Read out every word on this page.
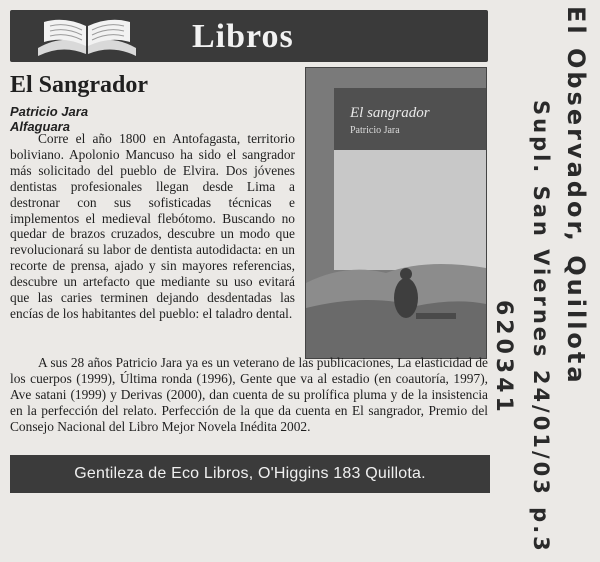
Libros
El Sangrador
Patricio Jara
Alfaguara
Corre el año 1800 en Antofagasta, territorio boliviano. Apolonio Mancuso ha sido el sangrador más solicitado del pueblo de Elvira. Dos jóvenes dentistas profesionales llegan desde Lima a destronar con sus sofisticadas técnicas e implementos el medieval flebótomo. Buscando no quedar de brazos cruzados, descubre un modo que revolucionará su labor de dentista autodidacta: en un recorte de prensa, ajado y sin mayores referencias, descubre un artefacto que mediante su uso evitará que las caries terminen dejando desdentadas las encías de los habitantes del pueblo: el taladro dental.
El sangrador
Patricio Jara
A sus 28 años Patricio Jara ya es un veterano de las publicaciones, La elasticidad de los cuerpos (1999), Última ronda (1996), Gente que va al estadio (en coautoría, 1997), Ave satani (1999) y Derivas (2000), dan cuenta de su prolífica pluma y de la insistencia en la perfección del relato. Perfección de la que da cuenta en El sangrador, Premio del Consejo Nacional del Libro Mejor Novela Inédita 2002.
Gentileza de Eco Libros, O'Higgins 183 Quillota.
El Observador, Quillota
Supl. San Viernes 24/01/03 p.3
620341
